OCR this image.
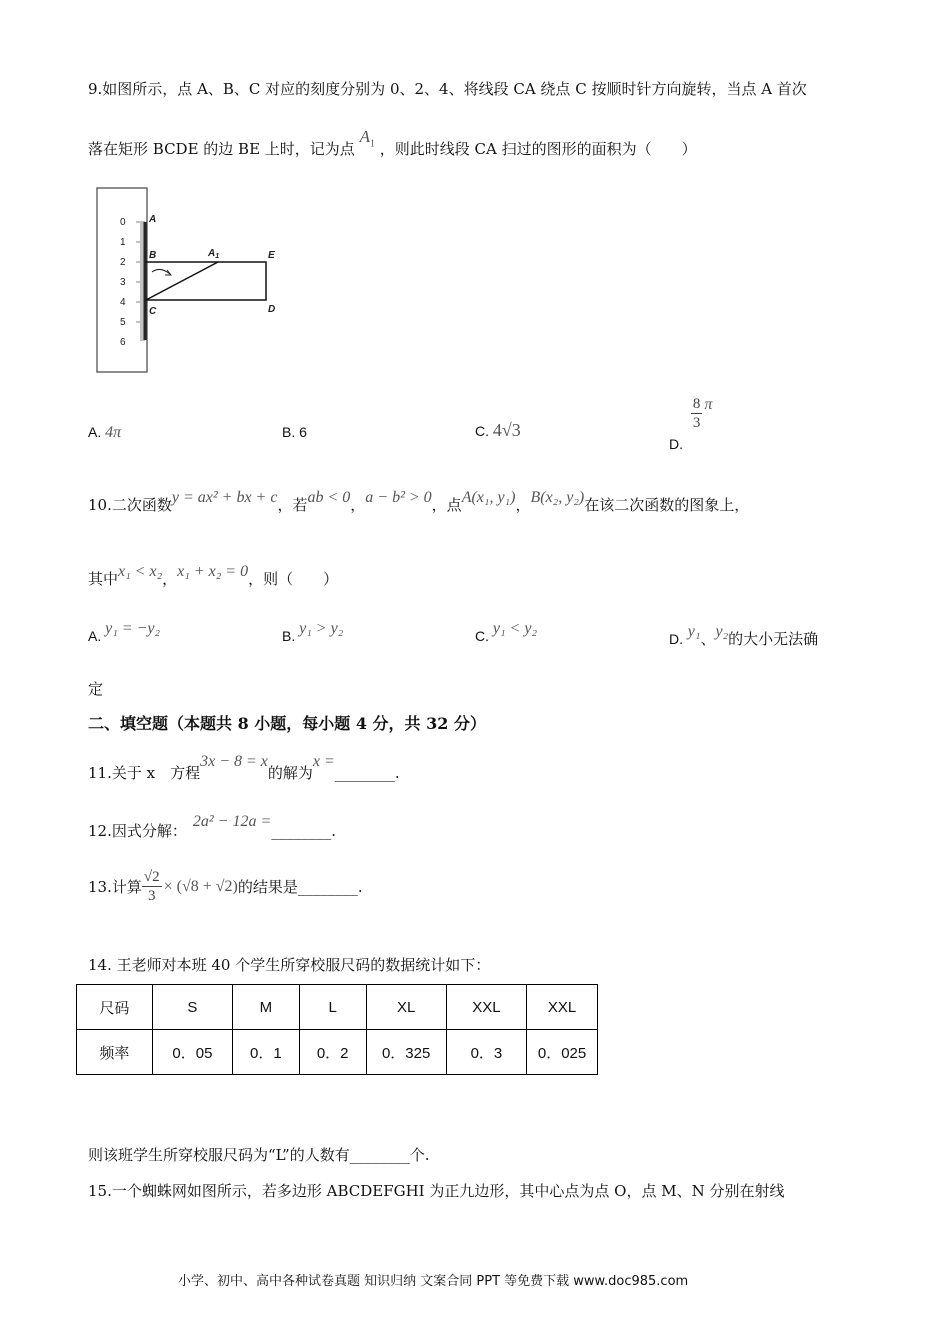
9.如图所示，点 A、B、C 对应的刻度分别为 0、2、4、将线段 CA 绕点 C 按顺时针方向旋转，当点 A 首次
落在矩形 BCDE 的边 BE 上时，记为点 $A_1$ ，则此时线段 CA 扫过的图形的面积为（　　）
0
1
2
3
4
5
6
A
B
C	D
E
$A_1$
A. 4π	B. 6	C. 4√3
D.
$\frac{8}{3}$ π
10.二次函数y = ax² + bx + c，若ab < 0，a − b² > 0，点A(x₁, y₁)，B(x₂, y₂)在该二次函数的图象上，
其中x₁ < x₂，x₁ + x₂ = 0，则（　　）
A. y₁ = −y₂	B. y₁ > y₂	C. y₁ < y₂
D. y₁、y₂的大小无法确
定
二、填空题（本题共 8 小题，每小题 4 分，共 32 分）
11.关于 x　方程3x − 8 = x的解为x =________.
12.因式分解：2a² − 12a =________.
13.计算 $\frac{√2}{3} \times (√8 + √2)$的结果是________.
14. 王老师对本班 40 个学生所穿校服尺码的数据统计如下：
尺码	S	M	L	XL	XXL	XXL
频率	0．05	0．1	0．2	0．325	0．3	0．025
则该班学生所穿校服尺码为“L”的人数有________个.
15.一个蜘蛛网如图所示，若多边形 ABCDEFGHI 为正九边形，其中心点为点 O，点 M、N 分别在射线
小学、初中、高中各种试卷真题 知识归纳 文案合同 PPT 等免费下载 www.doc985.com
